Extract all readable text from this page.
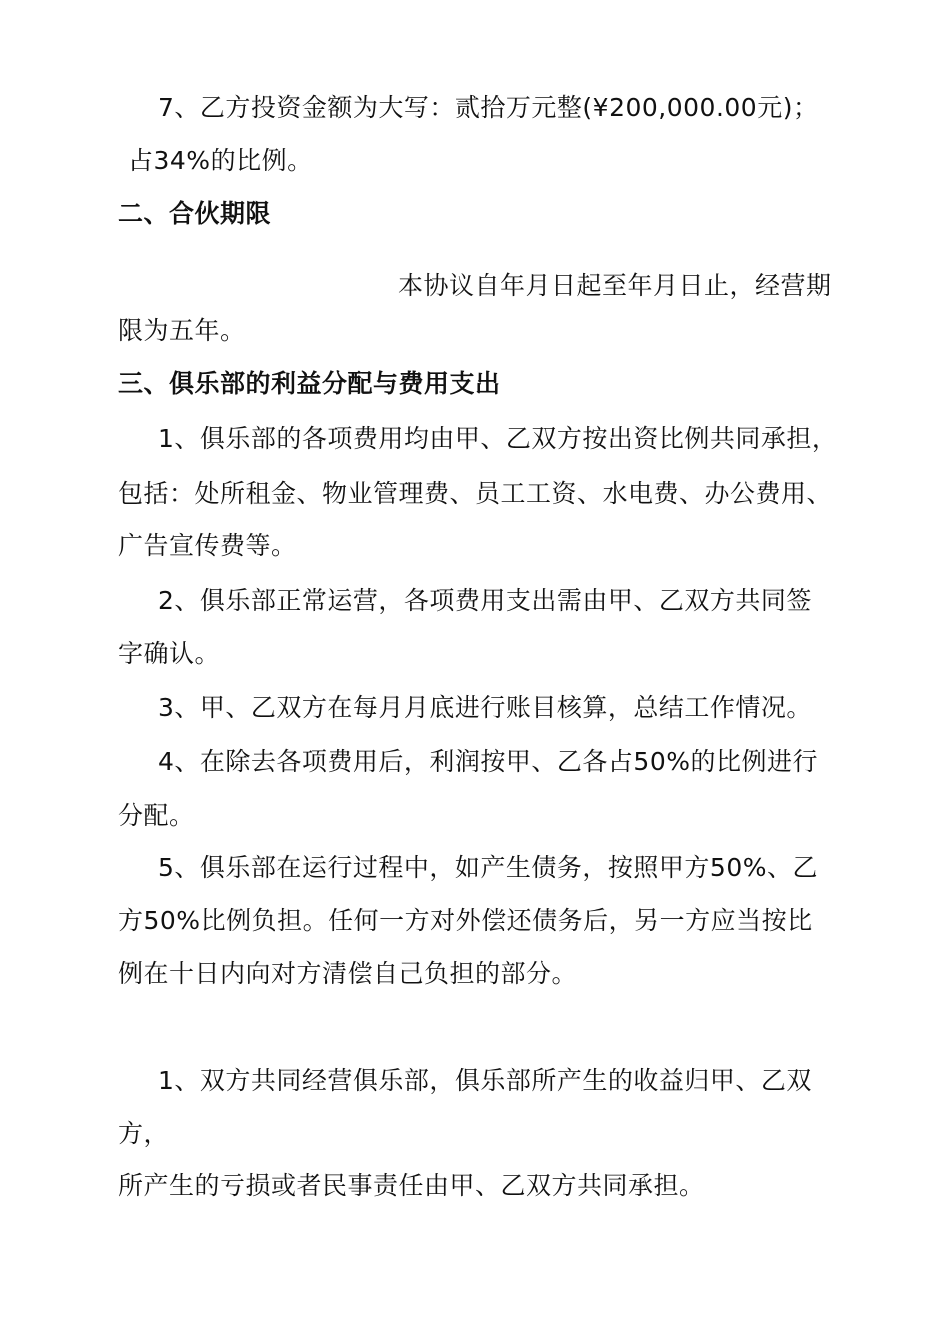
7、乙方投资金额为大写：贰拾万元整(¥200,000.00元)；
占34%的比例。
二、合伙期限
本协议自年月日起至年月日止，经营期
限为五年。
三、俱乐部的利益分配与费用支出
1、俱乐部的各项费用均由甲、乙双方按出资比例共同承担，
包括：处所租金、物业管理费、员工工资、水电费、办公费用、
广告宣传费等。
2、俱乐部正常运营，各项费用支出需由甲、乙双方共同签
字确认。
3、甲、乙双方在每月月底进行账目核算，总结工作情况。
4、在除去各项费用后，利润按甲、乙各占50%的比例进行
分配。
5、俱乐部在运行过程中，如产生债务，按照甲方50%、乙
方50%比例负担。任何一方对外偿还债务后，另一方应当按比
例在十日内向对方清偿自己负担的部分。
1、双方共同经营俱乐部，俱乐部所产生的收益归甲、乙双
方，
所产生的亏损或者民事责任由甲、乙双方共同承担。
